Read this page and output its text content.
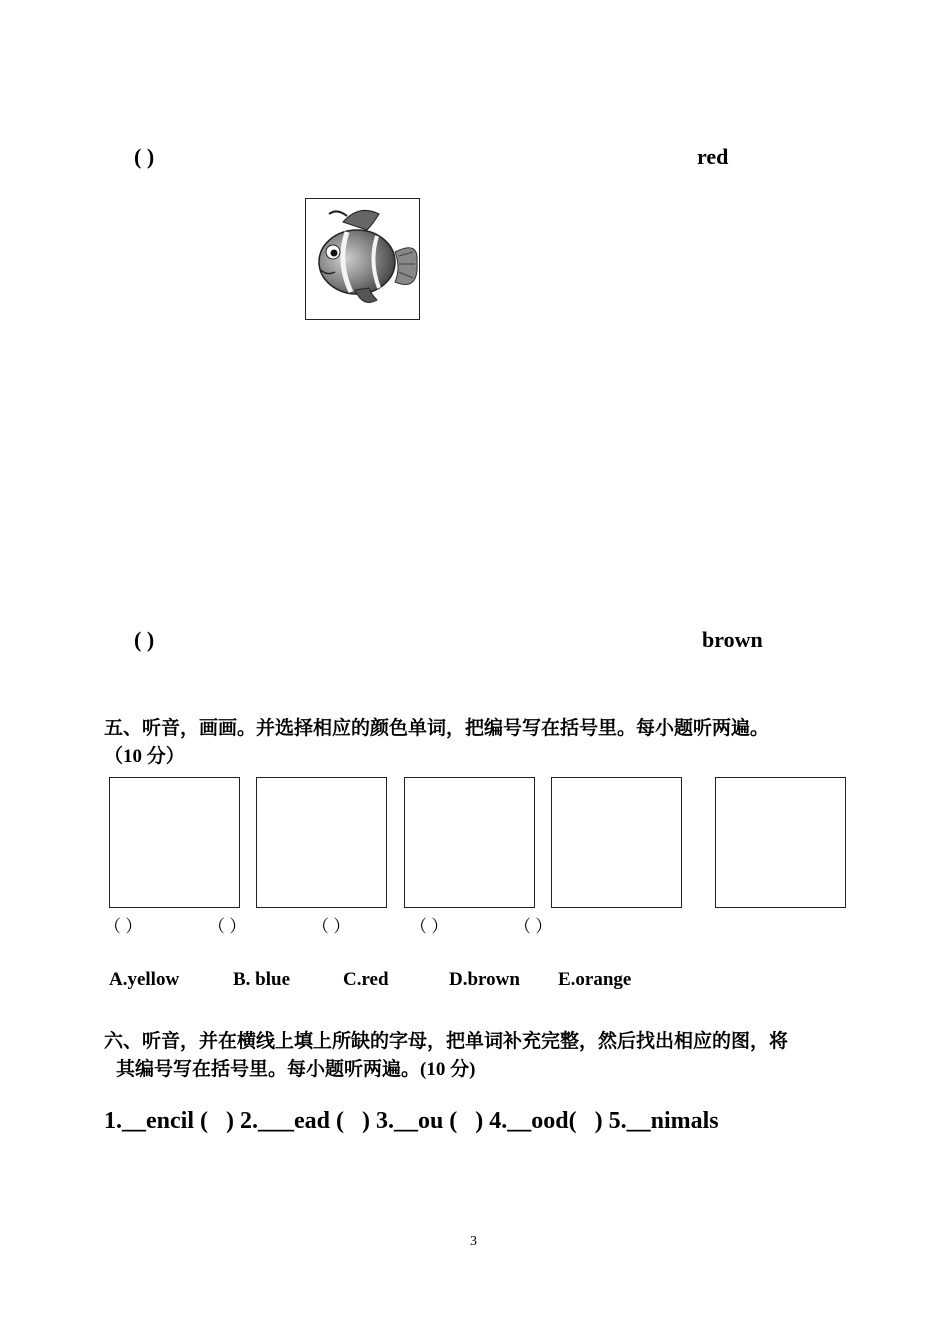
( )	red
( )	brown
五、听音，画画。并选择相应的颜色单词，把编号写在括号里。每小题听两遍。
（10 分）
（ ）	（ ）	（ ）	（ ）	（ ）
A.yellow	B. blue	C.red	D.brown E.orange
六、听音，并在横线上填上所缺的字母，把单词补充完整，然后找出相应的图，将
其编号写在括号里。每小题听两遍。(10 分)
1.__encil (   ) 2.___ead (   ) 3.__ou (   ) 4.__ood(   ) 5.__nimals
3
